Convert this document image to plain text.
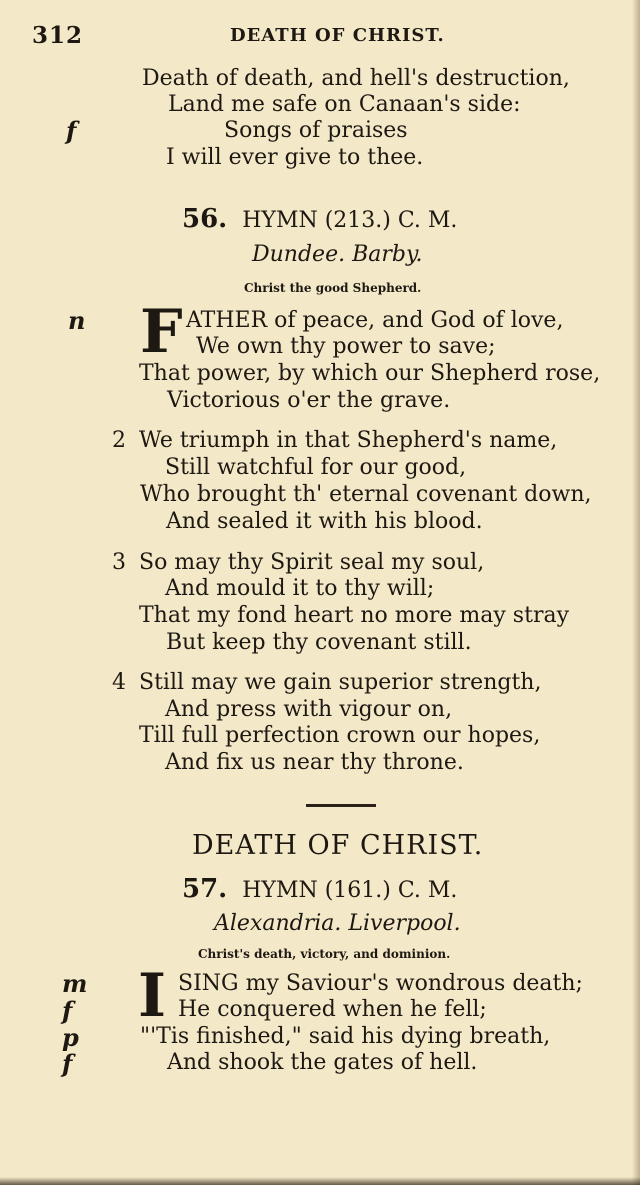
312	DEATH OF CHRIST.
Death of death, and hell's destruction,
Land me safe on Canaan's side:
f	Songs of praises
I will ever give to thee.
56. HYMN (213.) C. M.
Dundee. Barby.
Christ the good Shepherd.
n F ATHER of peace, and God of love,
We own thy power to save;
That power, by which our Shepherd rose,
Victorious o'er the grave.
2 We triumph in that Shepherd's name,
Still watchful for our good,
Who brought th' eternal covenant down,
And sealed it with his blood.
3 So may thy Spirit seal my soul,
And mould it to thy will;
That my fond heart no more may stray
But keep thy covenant still.
4 Still may we gain superior strength,
And press with vigour on,
Till full perfection crown our hopes,
And fix us near thy throne.
DEATH OF CHRIST.
57. HYMN (161.) C. M.
Alexandria. Liverpool.
Christ's death, victory, and dominion.
m
f
p
f
I SING my Saviour's wondrous death;
He conquered when he fell;
"'Tis finished," said his dying breath,
And shook the gates of hell.
